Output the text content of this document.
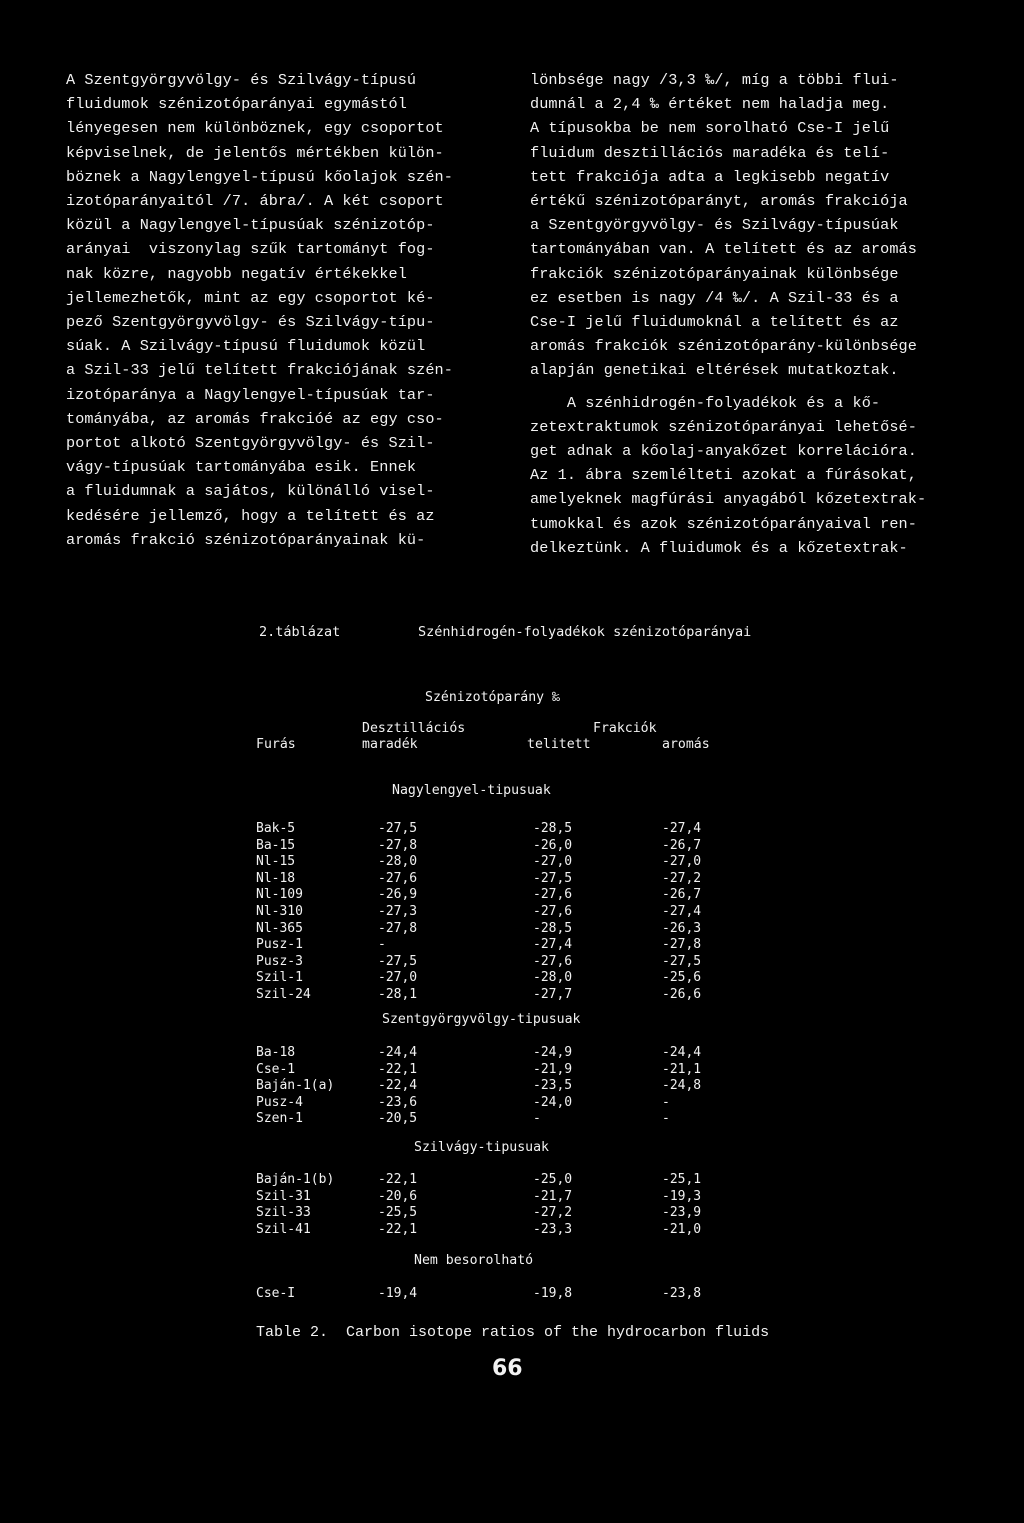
A Szentgyörgyvölgy- és Szilvágy-típusú
fluidumok szénizotóparányai egymástól
lényegesen nem különböznek, egy csoportot
képviselnek, de jelentős mértékben külön-
böznek a Nagylengyel-típusú kőolajok szén-
izotóparányaitól /7. ábra/. A két csoport
közül a Nagylengyel-típusúak szénizotóp-
arányai  viszonylag szűk tartományt fog-
nak közre, nagyobb negatív értékekkel
jellemezhetők, mint az egy csoportot ké-
pező Szentgyörgyvölgy- és Szilvágy-típu-
súak. A Szilvágy-típusú fluidumok közül
a Szil-33 jelű telített frakciójának szén-
izotóparánya a Nagylengyel-típusúak tar-
tományába, az aromás frakcióé az egy cso-
portot alkotó Szentgyörgyvölgy- és Szil-
vágy-típusúak tartományába esik. Ennek
a fluidumnak a sajátos, különálló visel-
kedésére jellemző, hogy a telített és az
aromás frakció szénizotóparányainak kü-
lönbsége nagy /3,3 ‰/, míg a többi flui-
dumnál a 2,4 ‰ értéket nem haladja meg.
A típusokba be nem sorolható Cse-I jelű
fluidum desztillációs maradéka és telí-
tett frakciója adta a legkisebb negatív
értékű szénizotóparányt, aromás frakciója
a Szentgyörgyvölgy- és Szilvágy-típusúak
tartományában van. A telített és az aromás
frakciók szénizotóparányainak különbsége
ez esetben is nagy /4 ‰/. A Szil-33 és a
Cse-I jelű fluidumoknál a telített és az
aromás frakciók szénizotóparány-különbsége
alapján genetikai eltérések mutatkoztak.
A szénhidrogén-folyadékok és a kő-
zetextraktumok szénizotóparányai lehetősé-
get adnak a kőolaj-anyakőzet korrelációra.
Az 1. ábra szemlélteti azokat a fúrásokat,
amelyeknek magfúrási anyagából kőzetextrak-
tumokkal és azok szénizotóparányaival ren-
delkeztünk. A fluidumok és a kőzetextrak-
2.táblázat	Szénhidrogén-folyadékok szénizotóparányai
Szénizotóparány ‰
Desztillációs	Frakciók
Furás	maradék	telitett	aromás
Nagylengyel-tipusuak
Bak-5	-27,5	-28,5	-27,4
Ba-15	-27,8	-26,0	-26,7
Nl-15	-28,0	-27,0	-27,0
Nl-18	-27,6	-27,5	-27,2
Nl-109	-26,9	-27,6	-26,7
Nl-310	-27,3	-27,6	-27,4
Nl-365	-27,8	-28,5	-26,3
Pusz-1	-	-27,4	-27,8
Pusz-3	-27,5	-27,6	-27,5
Szil-1	-27,0	-28,0	-25,6
Szil-24	-28,1	-27,7	-26,6
Szentgyörgyvölgy-tipusuak
Ba-18	-24,4	-24,9	-24,4
Cse-1	-22,1	-21,9	-21,1
Baján-1(a)	-22,4	-23,5	-24,8
Pusz-4	-23,6	-24,0	-
Szen-1	-20,5	-	-
Szilvágy-tipusuak
Baján-1(b)	-22,1	-25,0	-25,1
Szil-31	-20,6	-21,7	-19,3
Szil-33	-25,5	-27,2	-23,9
Szil-41	-22,1	-23,3	-21,0
Nem besorolható
Cse-I	-19,4	-19,8	-23,8
Table 2.  Carbon isotope ratios of the hydrocarbon fluids
66
